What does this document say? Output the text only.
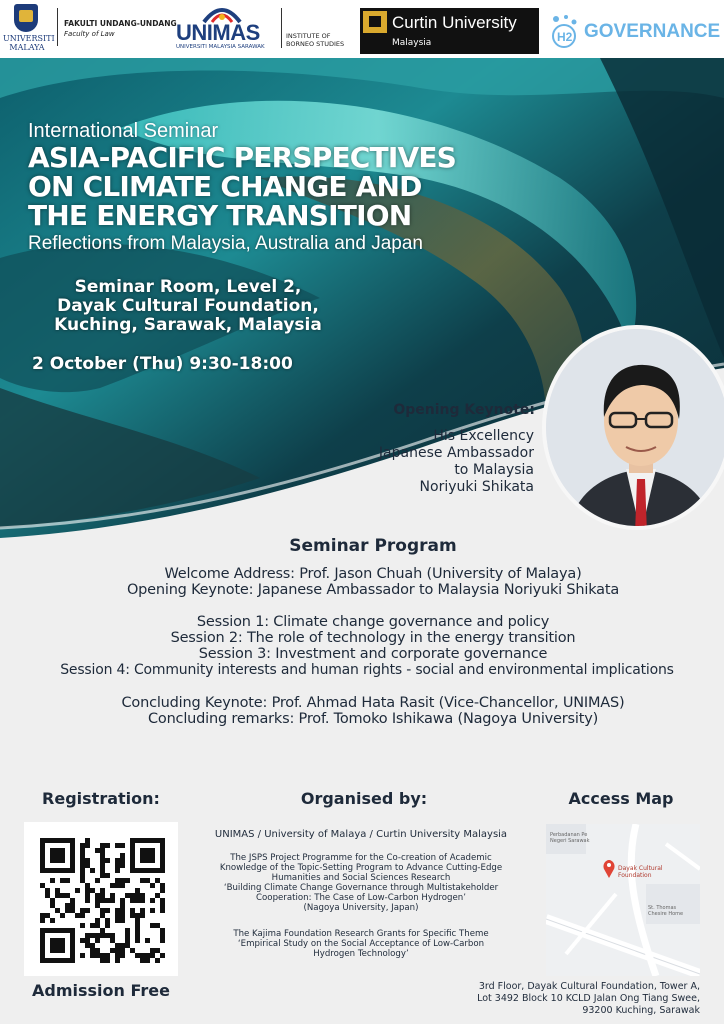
UNIVERSITI
MALAYA
FAKULTI UNDANG-UNDANG
Faculty of Law	UNIMAS
UNIVERSITI MALAYSIA SARAWAK
INSTITUTE OF
BORNEO STUDIES
Curtin University
Malaysia	H2 GOVERNANCE
International Seminar
ASIA-PACIFIC PERSPECTIVES
ON CLIMATE CHANGE AND
THE ENERGY TRANSITION
Reflections from Malaysia, Australia and Japan
Seminar Room, Level 2,
Dayak Cultural Foundation,
Kuching, Sarawak, Malaysia
2 October (Thu) 9:30-18:00
Opening Keynote:
His Excellency
Japanese Ambassador
to Malaysia
Noriyuki Shikata
Seminar Program
Welcome Address: Prof. Jason Chuah (University of Malaya)
Opening Keynote: Japanese Ambassador to Malaysia Noriyuki Shikata
Session 1: Climate change governance and policy
Session 2: The role of technology in the energy transition
Session 3: Investment and corporate governance
Session 4: Community interests and human rights - social and environmental implications
Concluding Keynote: Prof. Ahmad Hata Rasit (Vice-Chancellor, UNIMAS)
Concluding remarks: Prof. Tomoko Ishikawa (Nagoya University)
Registration:
Admission Free
Organised by:
UNIMAS / University of Malaya / Curtin University Malaysia
The JSPS Project Programme for the Co-creation of Academic
Knowledge of the Topic-Setting Program to Advance Cutting-Edge
Humanities and Social Sciences Research
‘Building Climate Change Governance through Multistakeholder
Cooperation: The Case of Low-Carbon Hydrogen’
(Nagoya University, Japan)
The Kajima Foundation Research Grants for Specific Theme
‘Empirical Study on the Social Acceptance of Low-Carbon
Hydrogen Technology’
Access Map
Dayak Cultural
Foundation
Perbadanan Pe
Negeri Sarawak
St. Thomas
Chesire Home
3rd Floor, Dayak Cultural Foundation, Tower A,
Lot 3492 Block 10 KCLD Jalan Ong Tiang Swee,
93200 Kuching, Sarawak
